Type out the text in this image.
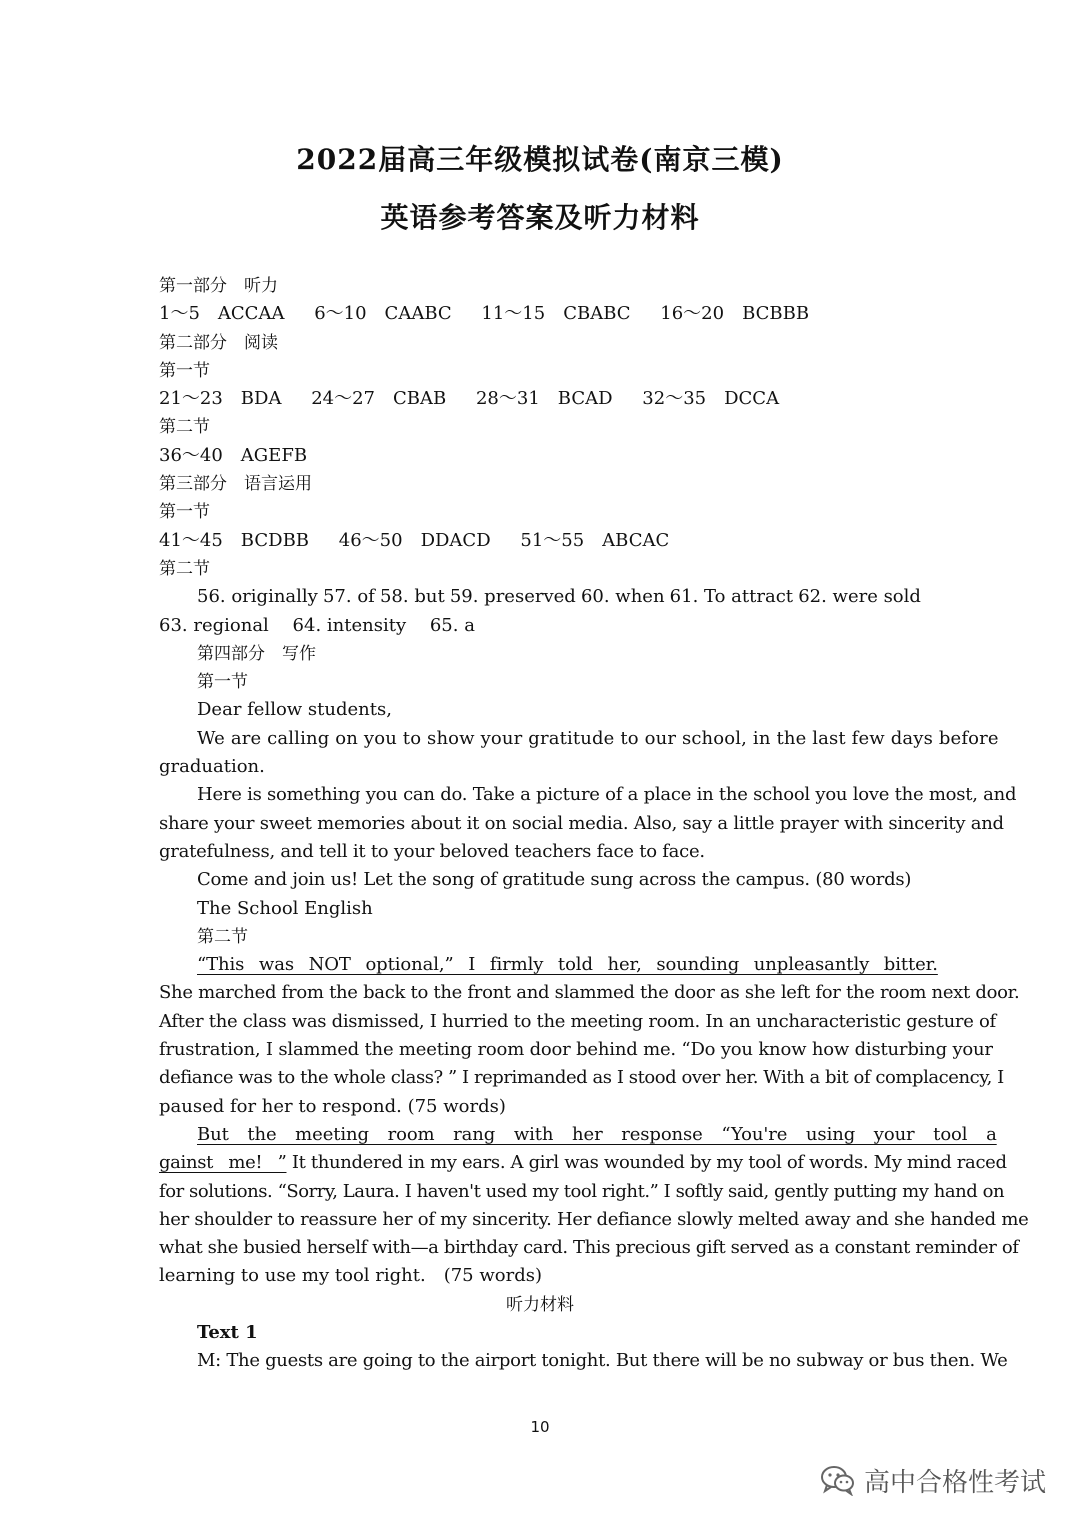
2022届高三年级模拟试卷(南京三模)
英语参考答案及听力材料
第一部分　听力
1～5　ACCAA 6～10　CAABC 11～15　CBABC 16～20　BCBBB
第二部分　阅读
第一节
21～23　BDA 24～27　CBAB 28～31　BCAD 32～35　DCCA
第二节
36～40　AGEFB
第三部分　语言运用
第一节
41～45　BCDBB 46～50　DDACD 51～55　ABCAC
第二节
56. originally 57. of 58. but 59. preserved 60. when 61. To attract 62. were sold
63. regional 64. intensity 65. a
第四部分　写作
第一节
Dear fellow students,
We are calling on you to show your gratitude to our school, in the last few days before
graduation.
Here is something you can do. Take a picture of a place in the school you love the most, and
share your sweet memories about it on social media. Also, say a little prayer with sincerity and
gratefulness, and tell it to your beloved teachers face to face.
Come and join us! Let the song of gratitude sung across the campus. (80 words)
The School English
第二节
“This was NOT optional,” I firmly told her, sounding unpleasantly bitter.
She marched from the back to the front and slammed the door as she left for the room next door.
After the class was dismissed, I hurried to the meeting room. In an uncharacteristic gesture of
frustration, I slammed the meeting room door behind me. “Do you know how disturbing your
defiance was to the whole class? ” I reprimanded as I stood over her. With a bit of complacency, I
paused for her to respond. (75 words)
But the meeting room rang with her response “You're using your tool a
gainst me! ” It thundered in my ears. A girl was wounded by my tool of words. My mind raced
for solutions. “Sorry, Laura. I haven't used my tool right.” I softly said, gently putting my hand on
her shoulder to reassure her of my sincerity. Her defiance slowly melted away and she handed me
what she busied herself with—a birthday card. This precious gift served as a constant reminder of
learning to use my tool right.　(75 words)
听力材料
Text 1
M: The guests are going to the airport tonight. But there will be no subway or bus then. We
10
高中合格性考试
